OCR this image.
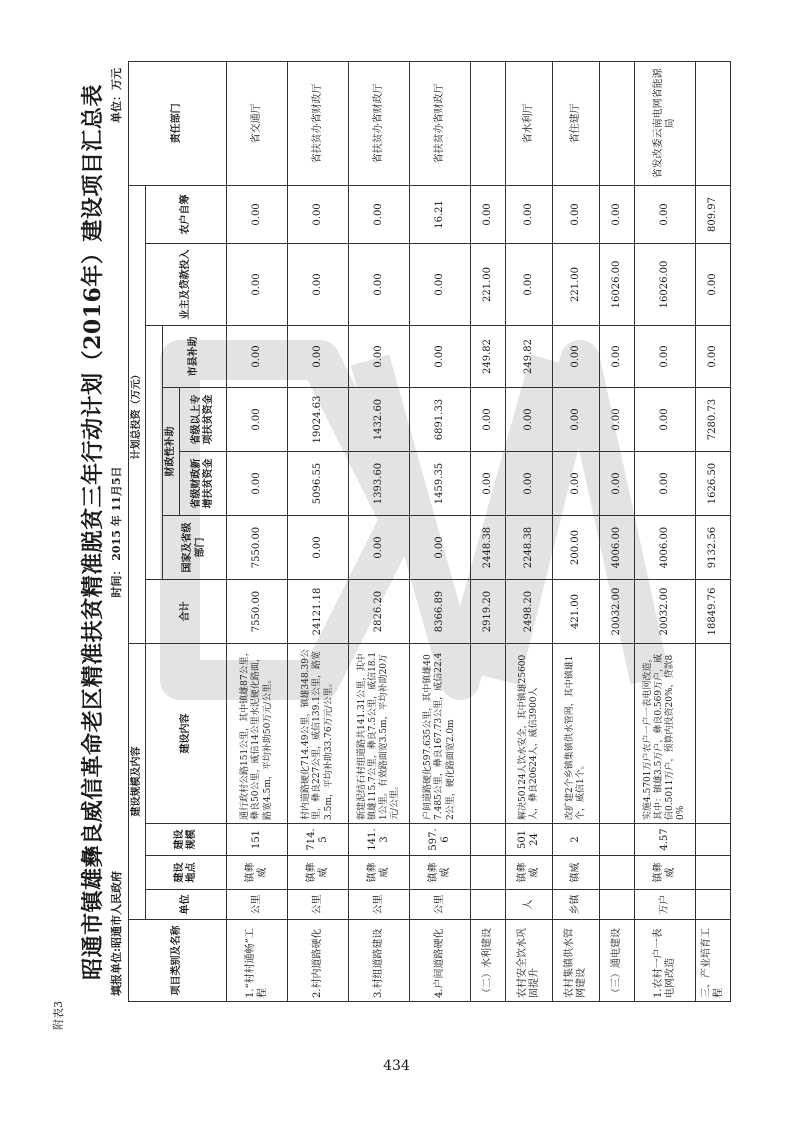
附表3
昭通市镇雄彝良威信革命老区精准扶贫精准脱贫三年行动计划（2016年）建设项目汇总表 填报单位:昭通市人民政府
时间： 2015 年 11月5日
单位：万元
项目类别及名称	建设规模及内容				计划总投资（万元）							责任部门
	单位	建设地点	建设规模	建设内容	合计					业主及贷款投入	农户自筹	
						国家及省级部门	财政性补助		市县补助			
							省级财政新增扶贫资金	省级以上专项扶贫资金				
1.“村村通畅”工程	公里	镇彝威	151	通行政村公路151公里，其中镇雄87公里，彝良50公里，威信14公里水泥硬化路面，路宽4.5m，平均补助50万元/公里。	7550.00	7550.00	0.00	0.00	0.00	0.00	0.00	省交通厅
2.村内道路硬化	公里	镇彝威	714.5	村内道路硬化714.49公里，镇雄348.39公里，彝良227公里，威信139.1公里，路宽3.5m，平均补助33.76万元/公里。	24121.18	0.00	5096.55	19024.63	0.00	0.00	0.00	省扶贫办省财政厅
3.村组道路建设	公里	镇彝威	141.3	新建泥结石村组道路共141.31公里，其中镇雄115.7公里，彝良7.5公里，威信18.11公里。有效路面宽3.5m，平均补助20万元/公里。	2826.20	0.00	1393.60	1432.60	0.00	0.00	0.00	省扶贫办省财政厅
4.户间道路硬化	公里	镇彝威	597.6	户间道路硬化597.635公里，其中镇雄407.485公里，彝良167.73公里，威信22.42公里，硬化路面宽2.0m	8366.89	0.00	1459.35	6891.33	0.00	0.00	16.21	省扶贫办省财政厅
（二）水利建设					2919.20	2448.38	0.00	0.00	249.82	221.00	0.00	
农村安全饮水巩固提升	人	镇彝威	50124	解决50124人饮水安全，其中镇雄25600人，彝良20624人，威信3900人	2498.20	2248.38	0.00	0.00	249.82	0.00	0.00	省水利厅
农村集镇供水管网建设	乡镇	镇威	2	改扩建2个乡镇集镇供水管网，其中镇雄1个，威信1个。	421.00	200.00	0.00	0.00	0.00	221.00	0.00	省住建厅
（三）通电建设					20032.00	4006.00	0.00	0.00	0.00	16026.00	0.00	
1.农村一户一表电网改造	万户	镇彝威	4.57	实施4.5701万户农户一户一表电网改造，其中：镇雄3.5万户，彝良0.569万户，威信0.5011万户，预算内投资20%，贷款80%	20032.00	4006.00	0.00	0.00	0.00	16026.00	0.00	省发改委云南电网省能源局
三、产业培育工程					18849.76	9132.56	1626.50	7280.73	0.00	0.00	809.97	
434
